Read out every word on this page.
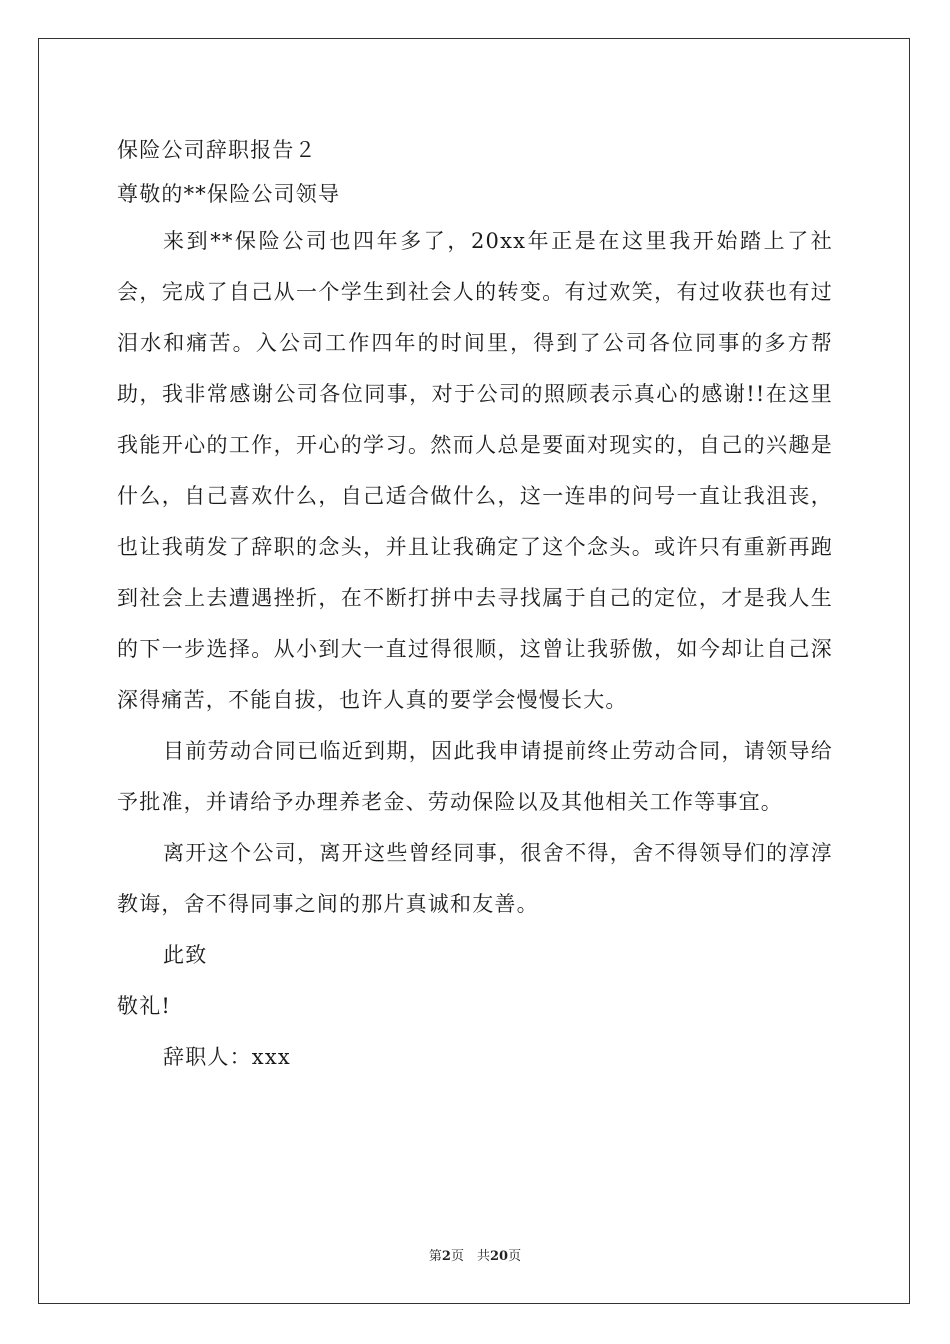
保险公司辞职报告２

尊敬的**保险公司领导

来到**保险公司也四年多了，20xx年正是在这里我开始踏上了社会，完成了自己从一个学生到社会人的转变。有过欢笑，有过收获也有过泪水和痛苦。入公司工作四年的时间里，得到了公司各位同事的多方帮助，我非常感谢公司各位同事，对于公司的照顾表示真心的感谢!!在这里我能开心的工作，开心的学习。然而人总是要面对现实的，自己的兴趣是什么，自己喜欢什么，自己适合做什么，这一连串的问号一直让我沮丧，也让我萌发了辞职的念头，并且让我确定了这个念头。或许只有重新再跑到社会上去遭遇挫折，在不断打拼中去寻找属于自己的定位，才是我人生的下一步选择。从小到大一直过得很顺，这曾让我骄傲，如今却让自己深深得痛苦，不能自拔，也许人真的要学会慢慢长大。

目前劳动合同已临近到期，因此我申请提前终止劳动合同，请领导给予批准，并请给予办理养老金、劳动保险以及其他相关工作等事宜。

离开这个公司，离开这些曾经同事，很舍不得，舍不得领导们的淳淳教诲，舍不得同事之间的那片真诚和友善。

此致

敬礼!

辞职人：xxx

第2页　共20页
